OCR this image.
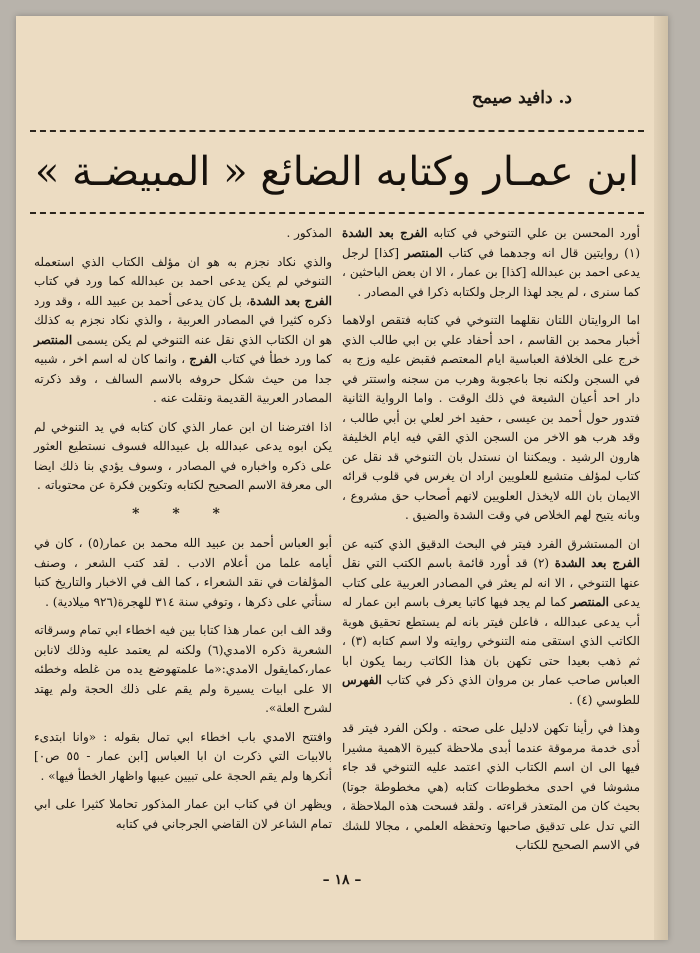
د. دافيد صيمح
ابن عمـار وكتابه الضائع « المبيضـة »

أورد المحسن بن علي التنوخي في كتابه الفرج بعد الشدة (١) روايتين قال انه وجدهما في كتاب المنتصر [كذا] لرجل يدعى احمد بن عبدالله [كذا] بن عمار ، الا ان بعض الباحثين ، كما سنرى ، لم يجد لهذا الرجل ولكتابه ذكرا في المصادر .

اما الروايتان اللتان نقلهما التنوخي في كتابه فتقص اولاهما أخبار محمد بن القاسم ، احد أحفاد علي بن ابي طالب الذي خرج على الخلافة العباسية ايام المعتصم فقبض عليه وزج به في السجن ولكنه نجا باعجوبة وهرب من سجنه واستتر في دار احد أعيان الشيعة في ذلك الوقت . واما الرواية الثانية فتدور حول أحمد بن عيسى ، حفيد اخر لعلي بن أبي طالب ، وقد هرب هو الاخر من السجن الذي القي فيه ايام الخليفة هارون الرشيد . ويمكننا ان نستدل بان التنوخي قد نقل عن كتاب لمؤلف متشيع للعلويين اراد ان يغرس في قلوب قرائه الايمان بان الله لايخذل العلويين لانهم أصحاب حق مشروع ، وبانه يتيح لهم الخلاص في وقت الشدة والضيق .

ان المستشرق الفرد فيتر في البحث الدقيق الذي كتبه عن الفرج بعد الشدة (٢) قد أورد قائمة باسم الكتب التي نقل عنها التنوخي ، الا انه لم يعثر في المصادر العربية على كتاب يدعى المنتصر كما لم يجد فيها كاتبا يعرف باسم ابن عمار له أب يدعى عبدالله ، فاعلن فيتر بانه لم يستطع تحقيق هوية الكاتب الذي استقى منه التنوخي روايته ولا اسم كتابه (٣) ، ثم ذهب بعيدا حتى تكهن بان هذا الكاتب ربما يكون ابا العباس صاحب عمار بن مروان الذي ذكر في كتاب الفهرس للطوسي (٤) .

وهذا في رأينا تكهن لادليل على صحته . ولكن الفرد فيتر قد أدى خدمة مرموقة عندما أبدى ملاحظة كبيرة الاهمية مشيرا فيها الى ان اسم الكتاب الذي اعتمد عليه التنوخي قد جاء مشوشا في احدى مخطوطات كتابه (هي مخطوطة جوتا) بحيث كان من المتعذر قراءته . ولقد فسحت هذه الملاحظة ، التي تدل على تدقيق صاحبها وتحفظه العلمي ، مجالا للشك في الاسم الصحيح للكتاب

المذكور .

والذي نكاد نجزم به هو ان مؤلف الكتاب الذي استعمله التنوخي لم يكن يدعى احمد بن عبدالله كما ورد في كتاب الفرج بعد الشدة، بل كان يدعى أحمد بن عبيد الله ، وقد ورد ذكره كثيرا في المصادر العربية ، والذي نكاد نجزم به كذلك هو ان الكتاب الذي نقل عنه التنوخي لم يكن يسمى المنتصر كما ورد خطأ في كتاب الفرج ، وانما كان له اسم اخر ، شبيه جدا من حيث شكل حروفه بالاسم السالف ، وقد ذكرته المصادر العربية القديمة ونقلت عنه .

اذا افترضنا ان ابن عمار الذي كان كتابه في يد التنوخي لم يكن ابوه يدعى عبدالله بل عبيدالله فسوف نستطيع العثور على ذكره واخباره في المصادر ، وسوف يؤدي بنا ذلك ايضا الى معرفة الاسم الصحيح لكتابه وتكوين فكرة عن محتوياته .

* * *

أبو العباس أحمد بن عبيد الله محمد بن عمار(٥) ، كان في أيامه علما من أعلام الادب . لقد كتب الشعر ، وصنف المؤلفات في نقد الشعراء ، كما الف في الاخبار والتاريخ كتبا سنأتي على ذكرها ، وتوفي سنة ٣١٤ للهجرة(٩٢٦ ميلادية) .

وقد الف ابن عمار هذا كتابا بين فيه اخطاء ابي تمام وسرقاته الشعرية ذكره الامدي(٦) ولكنه لم يعتمد عليه وذلك لانابن عمار،كمايقول الامدي:«ما علمتهوضع يده من غلطه وخطئه الا على ابيات يسيرة ولم يقم على ذلك الحجة ولم يهتد لشرح العلة».

وافتتح الامدي باب اخطاء ابي تمال بقوله : «وانا ابتدىء بالابيات التي ذكرت ان ابا العباس [ابن عمار - ٥٥ ص٠] أنكرها ولم يقم الحجة على تبيين عيبها واظهار الخطأ فيها» .

ويظهر ان في كتاب ابن عمار المذكور تحاملا كثيرا على ابي تمام الشاعر لان القاضي الجرجاني في كتابه

– ١٨ –
